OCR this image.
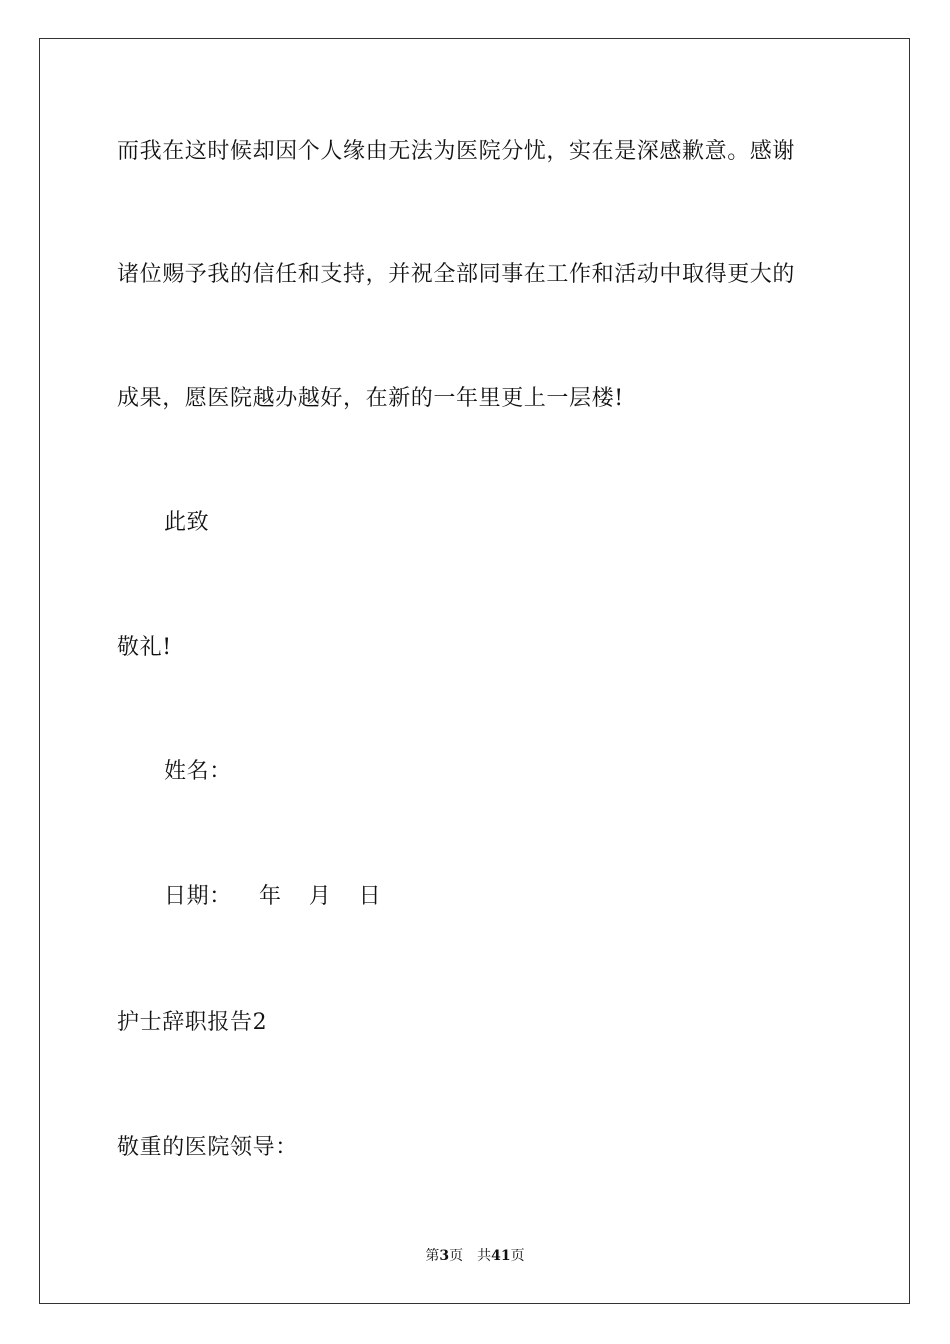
而我在这时候却因个人缘由无法为医院分忧，实在是深感歉意。感谢
诸位赐予我的信任和支持，并祝全部同事在工作和活动中取得更大的
成果，愿医院越办越好，在新的一年里更上一层楼!
此致
敬礼!
姓名：
日期： 年 月 日
护士辞职报告2
敬重的医院领导：
第3页 共41页
